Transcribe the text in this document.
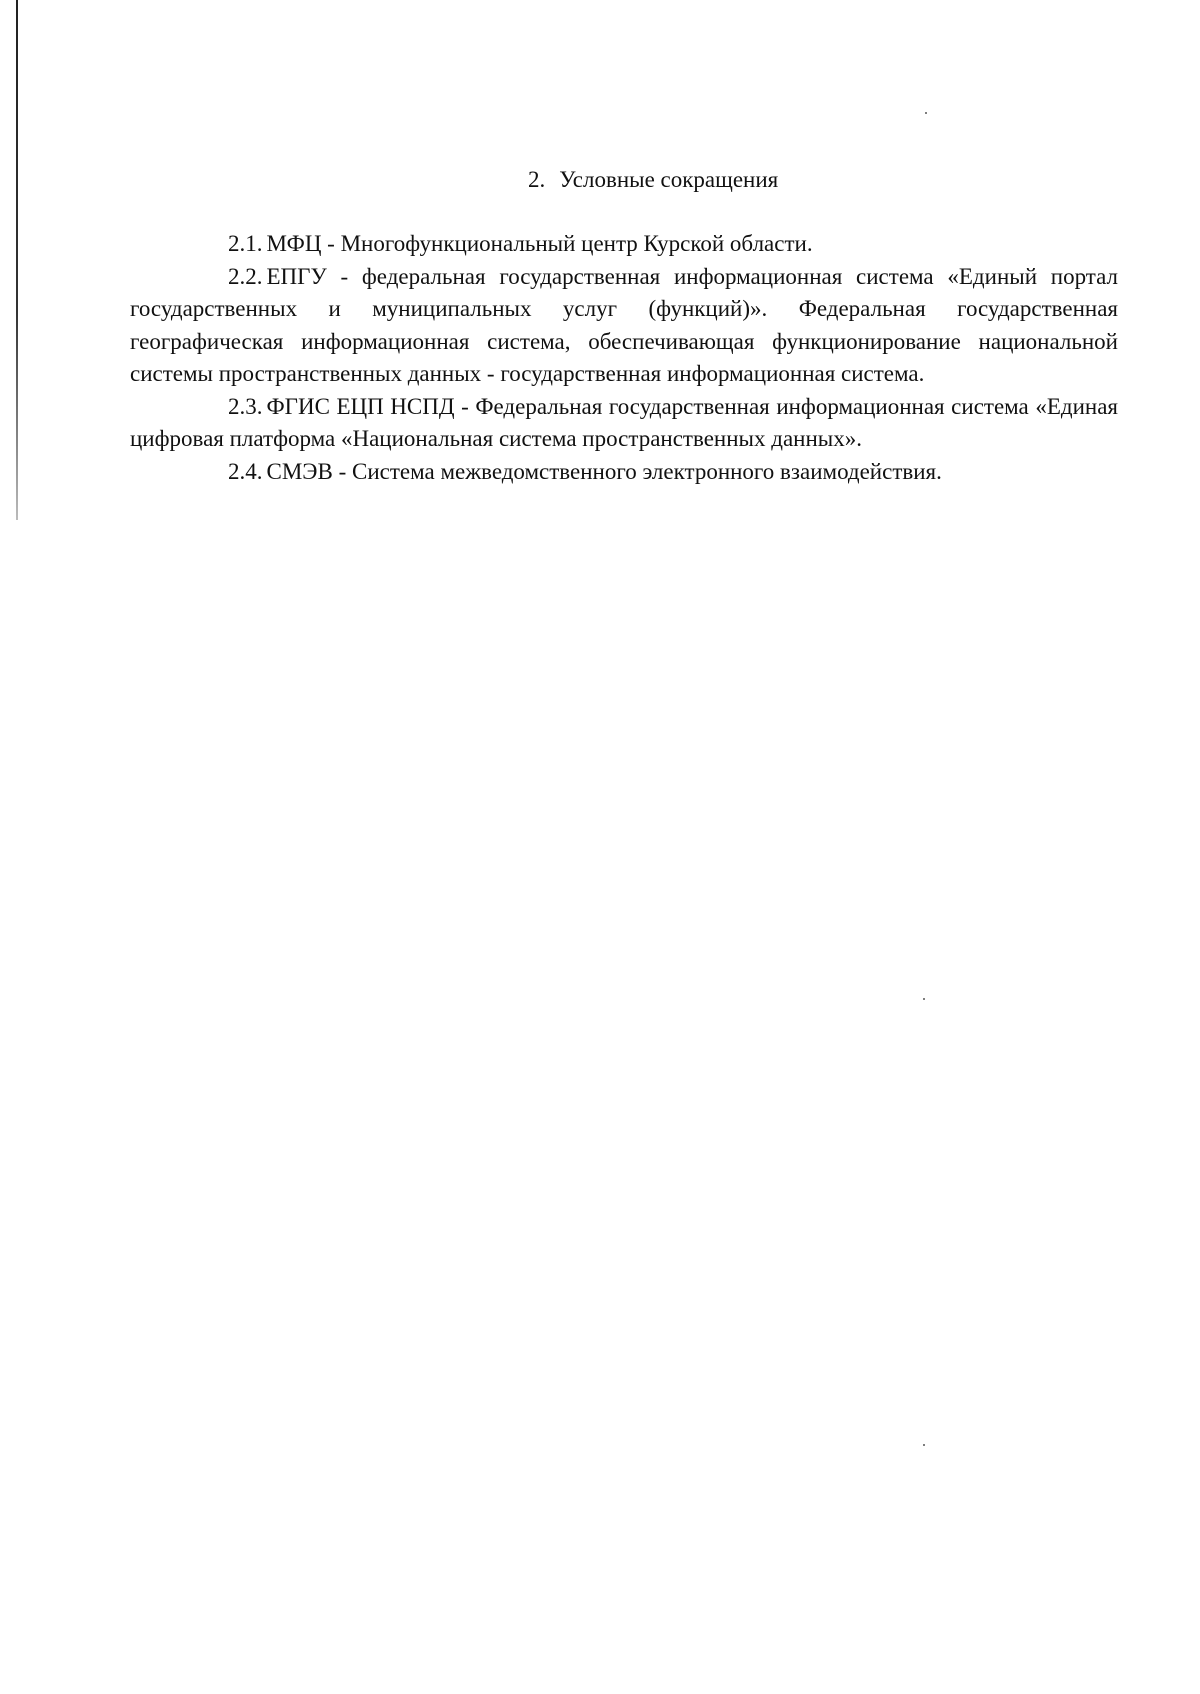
2. Условные сокращения

2.1. МФЦ - Многофункциональный центр Курской области.

2.2. ЕПГУ - федеральная государственная информационная система «Единый портал государственных и муниципальных услуг (функций)». Федеральная государственная географическая информационная система, обеспечивающая функционирование национальной системы пространственных данных - государственная информационная система.

2.3. ФГИС ЕЦП НСПД - Федеральная государственная информационная система «Единая цифровая платформа «Национальная система пространственных данных».

2.4. СМЭВ - Система межведомственного электронного взаимодействия.
